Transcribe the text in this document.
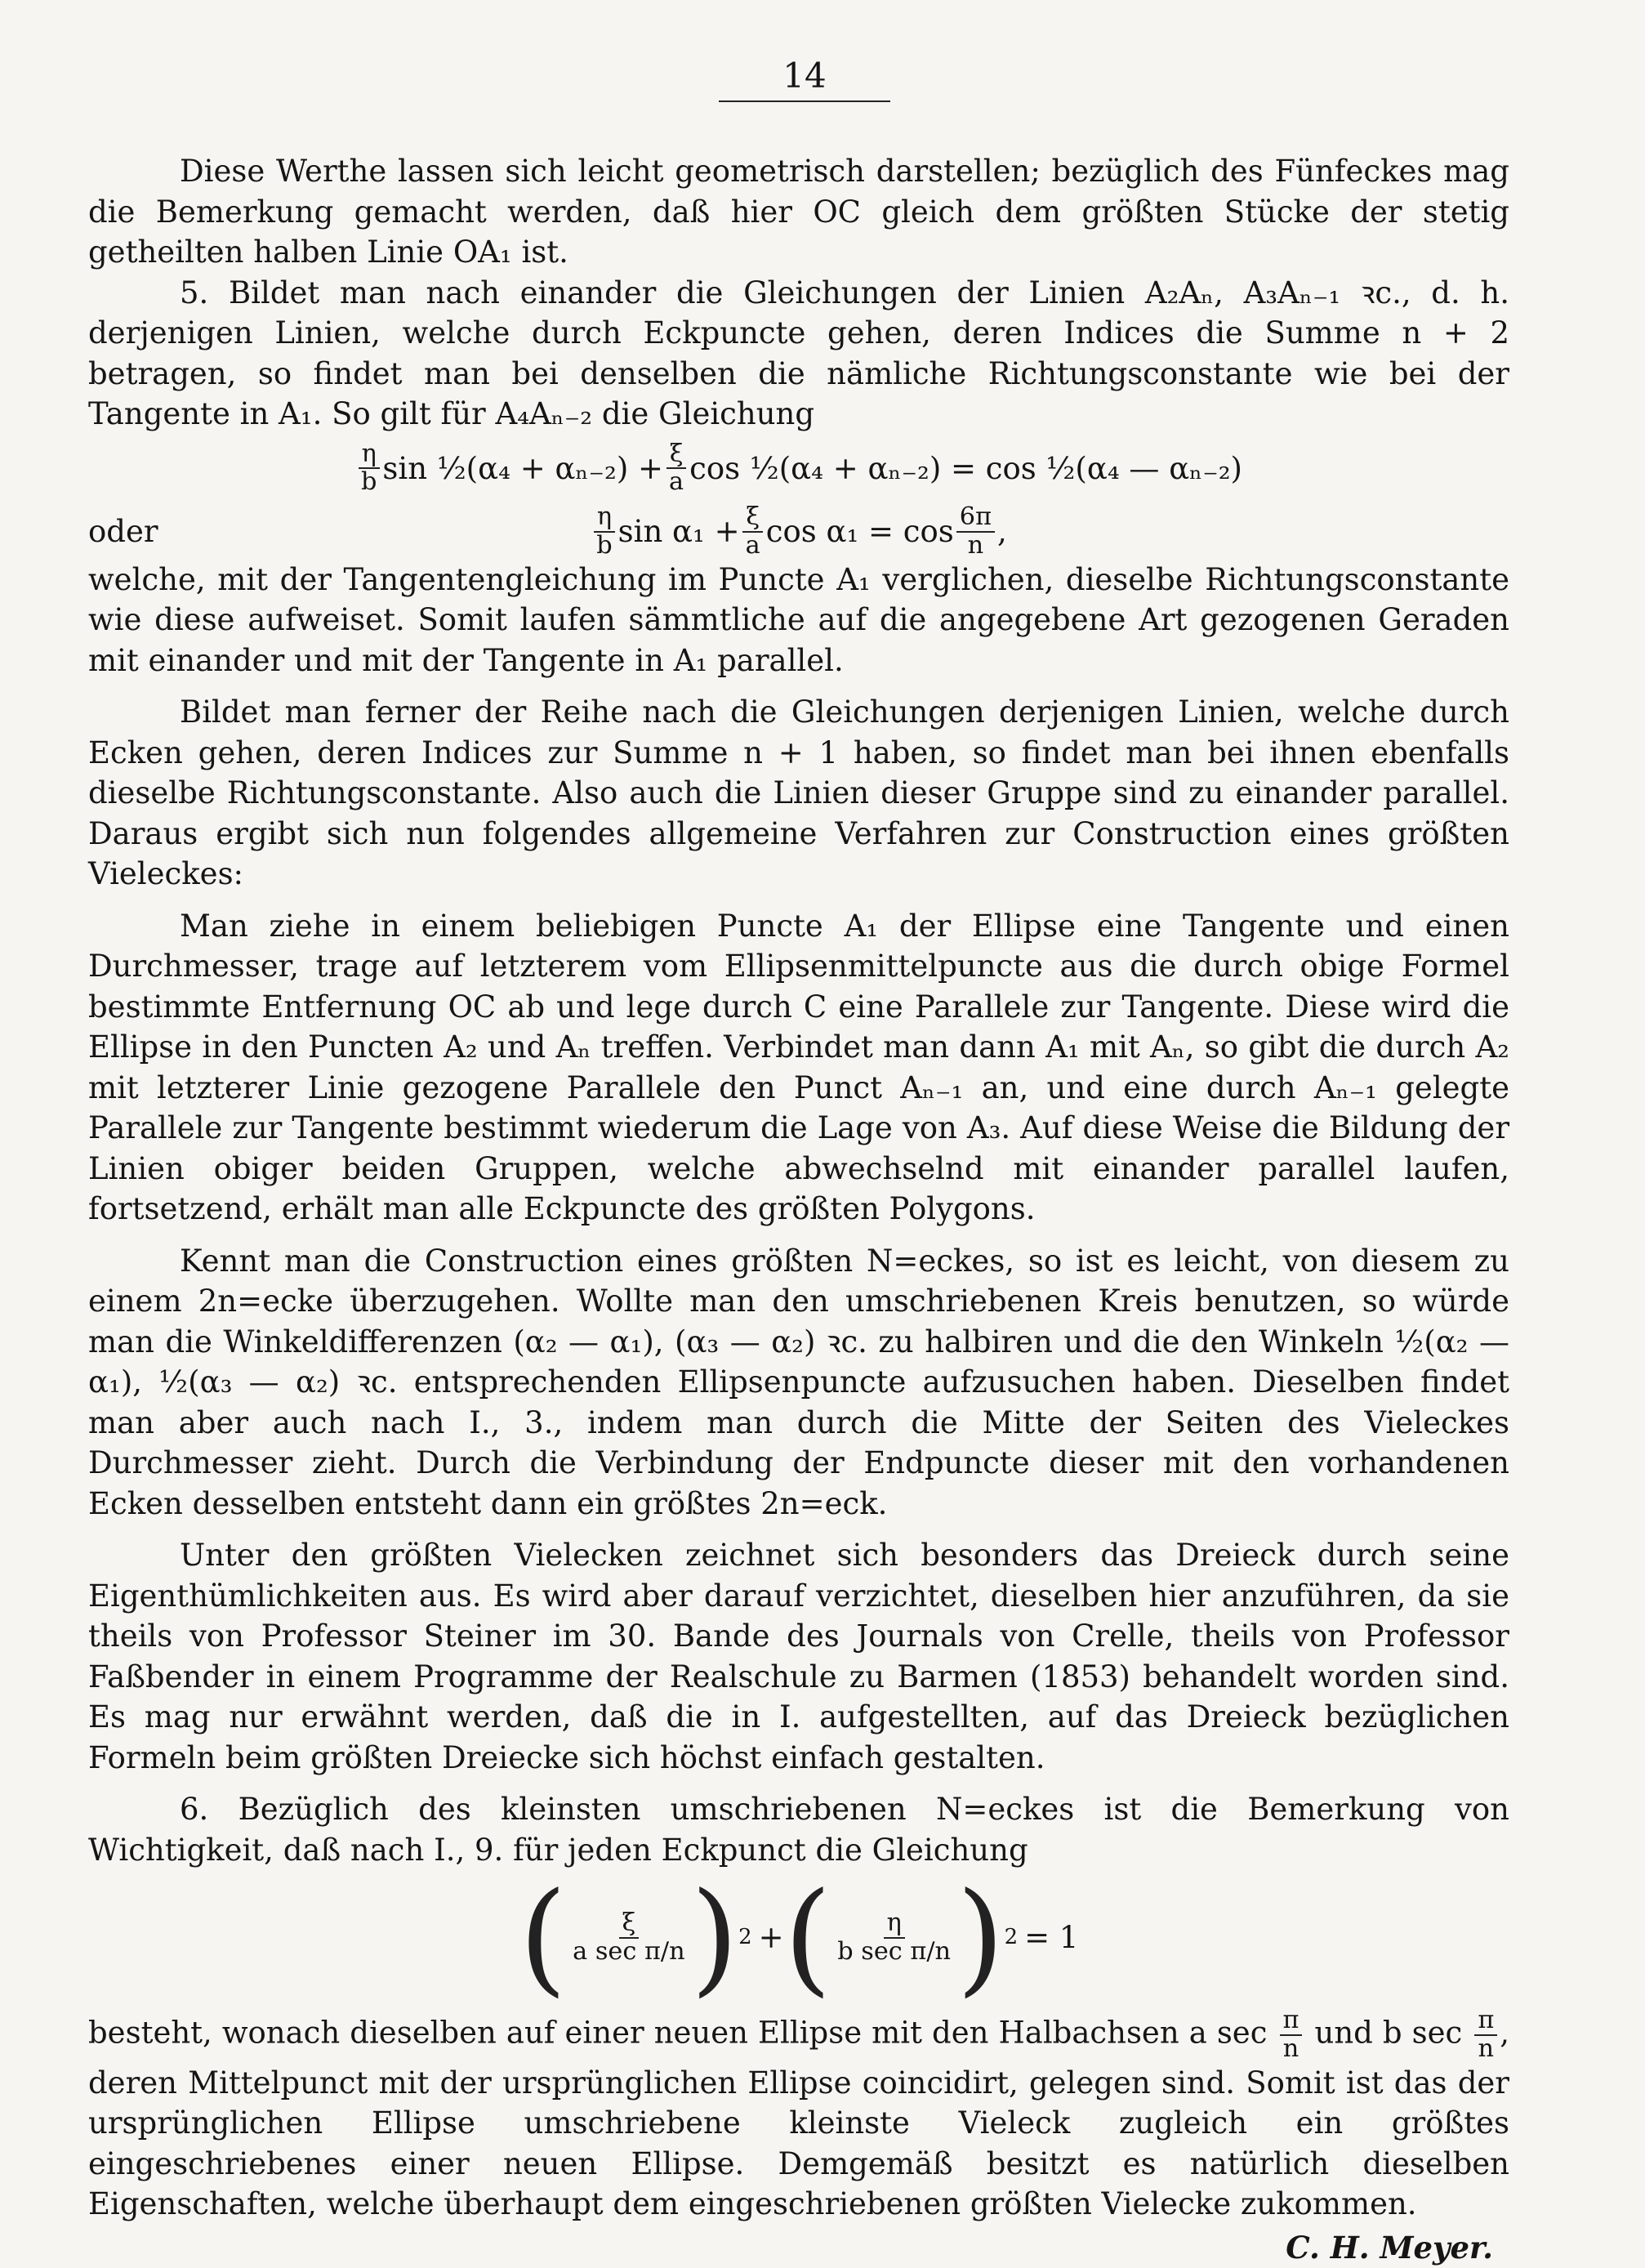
14

Diese Werthe lassen sich leicht geometrisch darstellen; bezüglich des Fünfeckes mag die Bemerkung gemacht werden, daß hier OC gleich dem größten Stücke der stetig getheilten halben Linie OA₁ ist.

5. Bildet man nach einander die Gleichungen der Linien A₂Aₙ, A₃Aₙ₋₁ ꝛc., d. h. derjenigen Linien, welche durch Eckpuncte gehen, deren Indices die Summe n + 2 betragen, so findet man bei denselben die nämliche Richtungsconstante wie bei der Tangente in A₁. So gilt für A₄Aₙ₋₂ die Gleichung

$\frac{\eta}{b}$ sin ½(α₄ + $\alpha_{n-2}) + \frac{\xi}{a}$ cos ½(α₄ + αₙ₋₂) = cos ½(α₄ — αₙ₋₂)
oder	$\frac{\eta}{b}$ $\sin \alpha_1 + \frac{\xi}{a}$ $\cos \alpha_1 = \cos \frac{6\pi}{n}$ ,

welche, mit der Tangentengleichung im Puncte A₁ verglichen, dieselbe Richtungsconstante wie diese aufweiset. Somit laufen sämmtliche auf die angegebene Art gezogenen Geraden mit einander und mit der Tangente in A₁ parallel.

Bildet man ferner der Reihe nach die Gleichungen derjenigen Linien, welche durch Ecken gehen, deren Indices zur Summe n + 1 haben, so findet man bei ihnen ebenfalls dieselbe Richtungsconstante. Also auch die Linien dieser Gruppe sind zu einander parallel. Daraus ergibt sich nun folgendes allgemeine Verfahren zur Construction eines größten Vieleckes:

Man ziehe in einem beliebigen Puncte A₁ der Ellipse eine Tangente und einen Durchmesser, trage auf letzterem vom Ellipsenmittelpuncte aus die durch obige Formel bestimmte Entfernung OC ab und lege durch C eine Parallele zur Tangente. Diese wird die Ellipse in den Puncten A₂ und Aₙ treffen. Verbindet man dann A₁ mit Aₙ, so gibt die durch A₂ mit letzterer Linie gezogene Parallele den Punct Aₙ₋₁ an, und eine durch Aₙ₋₁ gelegte Parallele zur Tangente bestimmt wiederum die Lage von A₃. Auf diese Weise die Bildung der Linien obiger beiden Gruppen, welche abwechselnd mit einander parallel laufen, fortsetzend, erhält man alle Eckpuncte des größten Polygons.

Kennt man die Construction eines größten N=eckes, so ist es leicht, von diesem zu einem 2n=ecke überzugehen. Wollte man den umschriebenen Kreis benutzen, so würde man die Winkeldifferenzen (α₂ — α₁), (α₃ — α₂) ꝛc. zu halbiren und die den Winkeln ½(α₂ — α₁), ½(α₃ — α₂) ꝛc. entsprechenden Ellipsenpuncte aufzusuchen haben. Dieselben findet man aber auch nach I., 3., indem man durch die Mitte der Seiten des Vieleckes Durchmesser zieht. Durch die Verbindung der Endpuncte dieser mit den vorhandenen Ecken desselben entsteht dann ein größtes 2n=eck.

Unter den größten Vielecken zeichnet sich besonders das Dreieck durch seine Eigenthümlichkeiten aus. Es wird aber darauf verzichtet, dieselben hier anzuführen, da sie theils von Professor Steiner im 30. Bande des Journals von Crelle, theils von Professor Faßbender in einem Programme der Realschule zu Barmen (1853) behandelt worden sind. Es mag nur erwähnt werden, daß die in I. aufgestellten, auf das Dreieck bezüglichen Formeln beim größten Dreiecke sich höchst einfach gestalten.

6. Bezüglich des kleinsten umschriebenen N=eckes ist die Bemerkung von Wichtigkeit, daß nach I., 9. für jeden Eckpunct die Gleichung

( $\frac{\xi}{\text{a sec π/n}}$ ) 2 + ( $\frac{\eta}{\text{b sec π/n}}$ ) 2 = 1

besteht, wonach dieselben auf einer neuen Ellipse mit den Halbachsen a $\sec \frac{\pi}{n}$ und b $\sec \frac{\pi}{n}$ , deren Mittelpunct mit der ursprünglichen Ellipse coincidirt, gelegen sind. Somit ist das der ursprünglichen Ellipse umschriebene kleinste Vieleck zugleich ein größtes eingeschriebenes einer neuen Ellipse. Demgemäß besitzt es natürlich dieselben Eigenschaften, welche überhaupt dem eingeschriebenen größten Vielecke zukommen.

C. H. Meyer.
